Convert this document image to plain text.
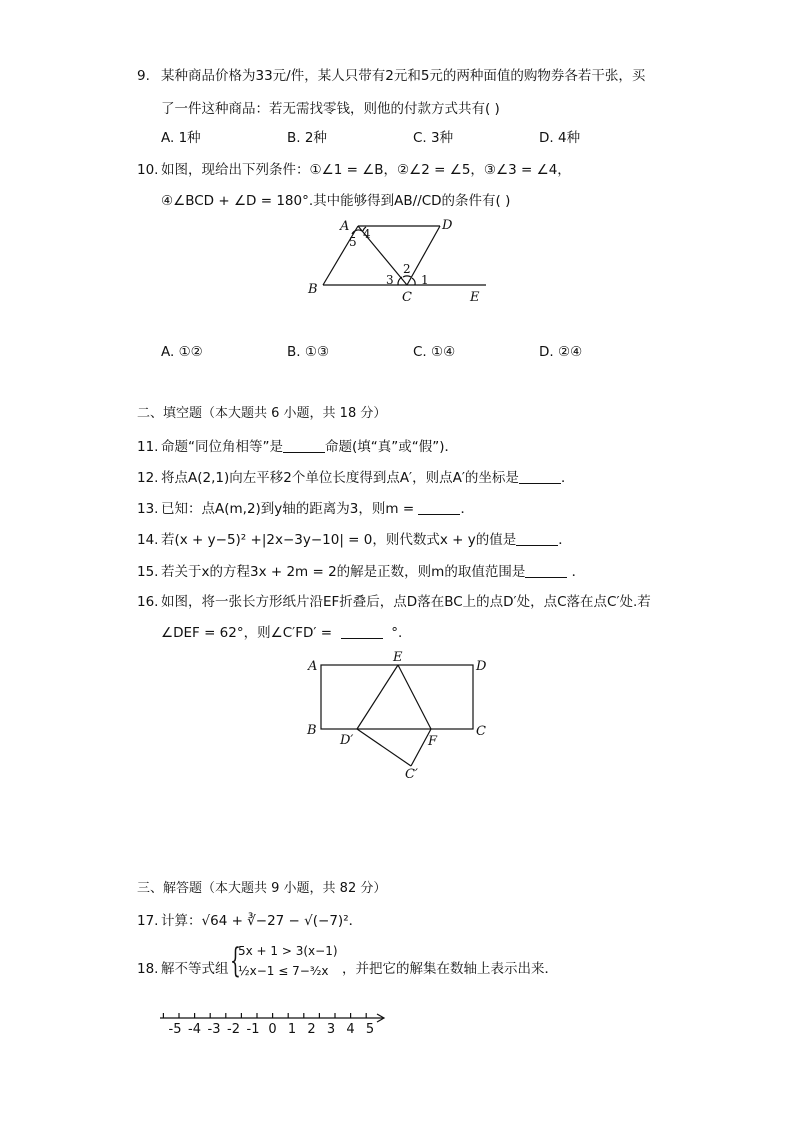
9. 某种商品价格为33元/件，某人只带有2元和5元的两种面值的购物券各若干张，买
了一件这种商品：若无需找零钱，则他的付款方式共有( )
A. 1种	B. 2种	C. 3种	D. 4种
10. 如图，现给出下列条件：①∠1 = ∠B，②∠2 = ∠5，③∠3 = ∠4，
④∠BCD + ∠D = 180°.其中能够得到AB//CD的条件有( )
A	D
B
C	E
5
4
3
2
1
A. ①②	B. ①③	C. ①④	D. ②④
二、填空题（本大题共 6 小题，共 18 分）
11. 命题“同位角相等”是	命题(填“真”或“假”)．
12. 将点A(2,1)向左平移2个单位长度得到点A′，则点A′的坐标是	．
13. 已知：点A(m,2)到y轴的距离为3，则m =	．
14. 若(x + y−5)² +|2x−3y−10| = 0，则代数式x + y的值是	．
15. 若关于x的方程3x + 2m = 2的解是正数，则m的取值范围是	．
16. 如图，将一张长方形纸片沿EF折叠后，点D落在BC上的点D′处，点C落在点C′处.若
∠DEF = 62°，则∠C′FD′ =	°.
A
E
D
B
D′	F
C
C′
三、解答题（本大题共 9 小题，共 82 分）
17. 计算：√64 + ∛−27 − √(−7)²．
18. 解不等式组 {
5x + 1 > 3(x−1)
½x−1 ≤ 7−³⁄₂x ，并把它的解集在数轴上表示出来．
-5 -4 -3 -2 -1 0 1 2 3 4 5
